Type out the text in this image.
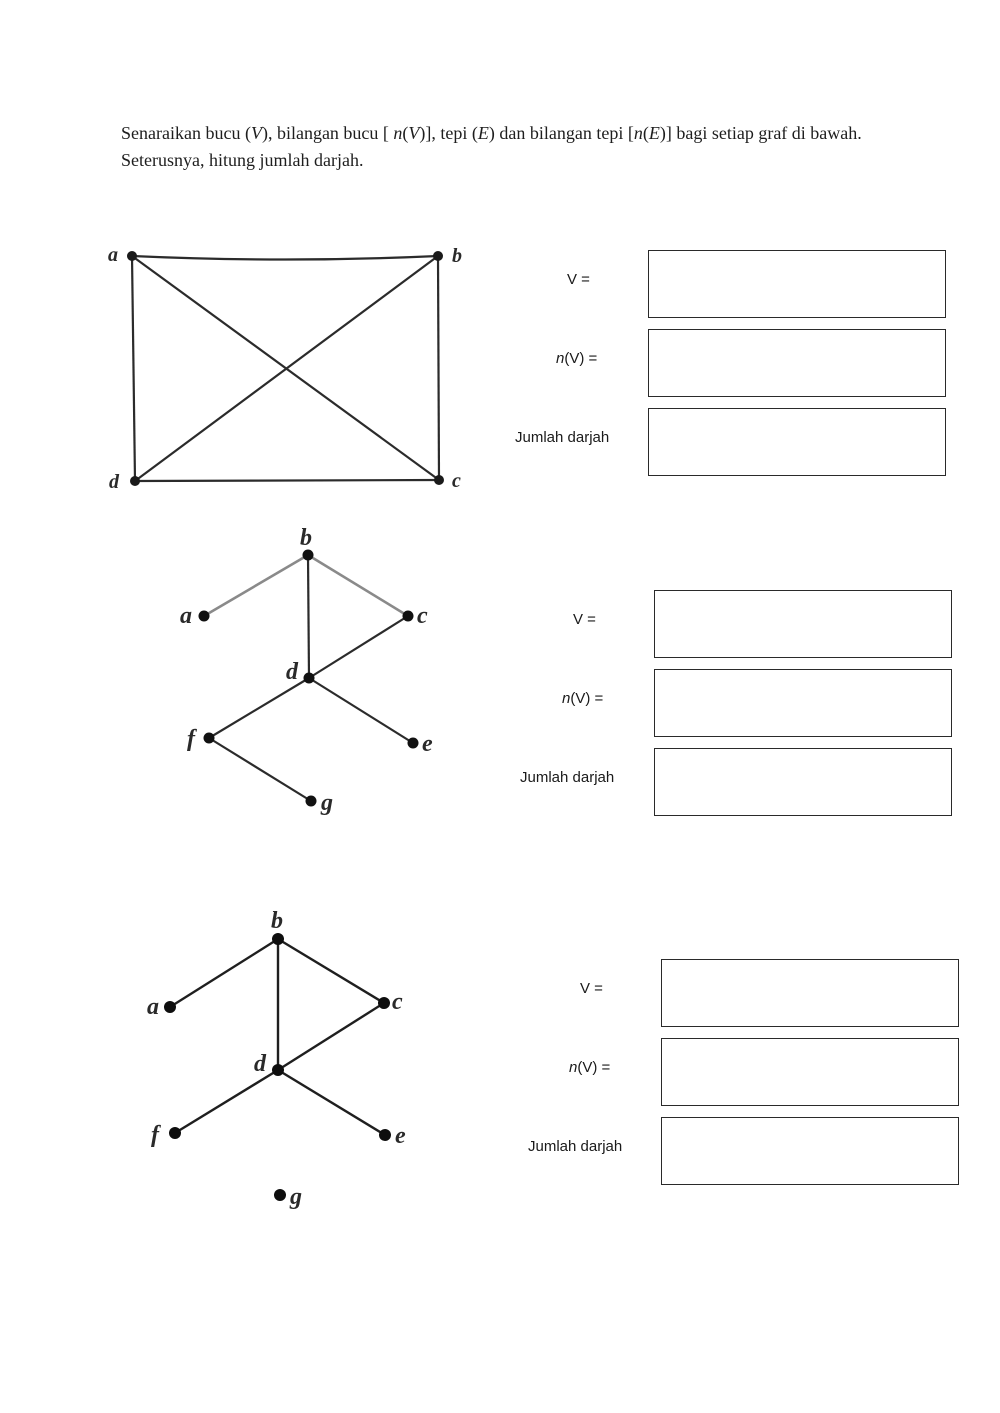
Senaraikan bucu (V), bilangan bucu [ n(V)], tepi (E) dan bilangan tepi [n(E)] bagi setiap graf di bawah. Seterusnya, hitung jumlah darjah.
a	b
c
d
V =
n(V) =
Jumlah darjah
a
b
c
d
e
f
g
V =
n(V) =
Jumlah darjah
a
b
c
d
e
f
g
V =
n(V) =
Jumlah darjah
